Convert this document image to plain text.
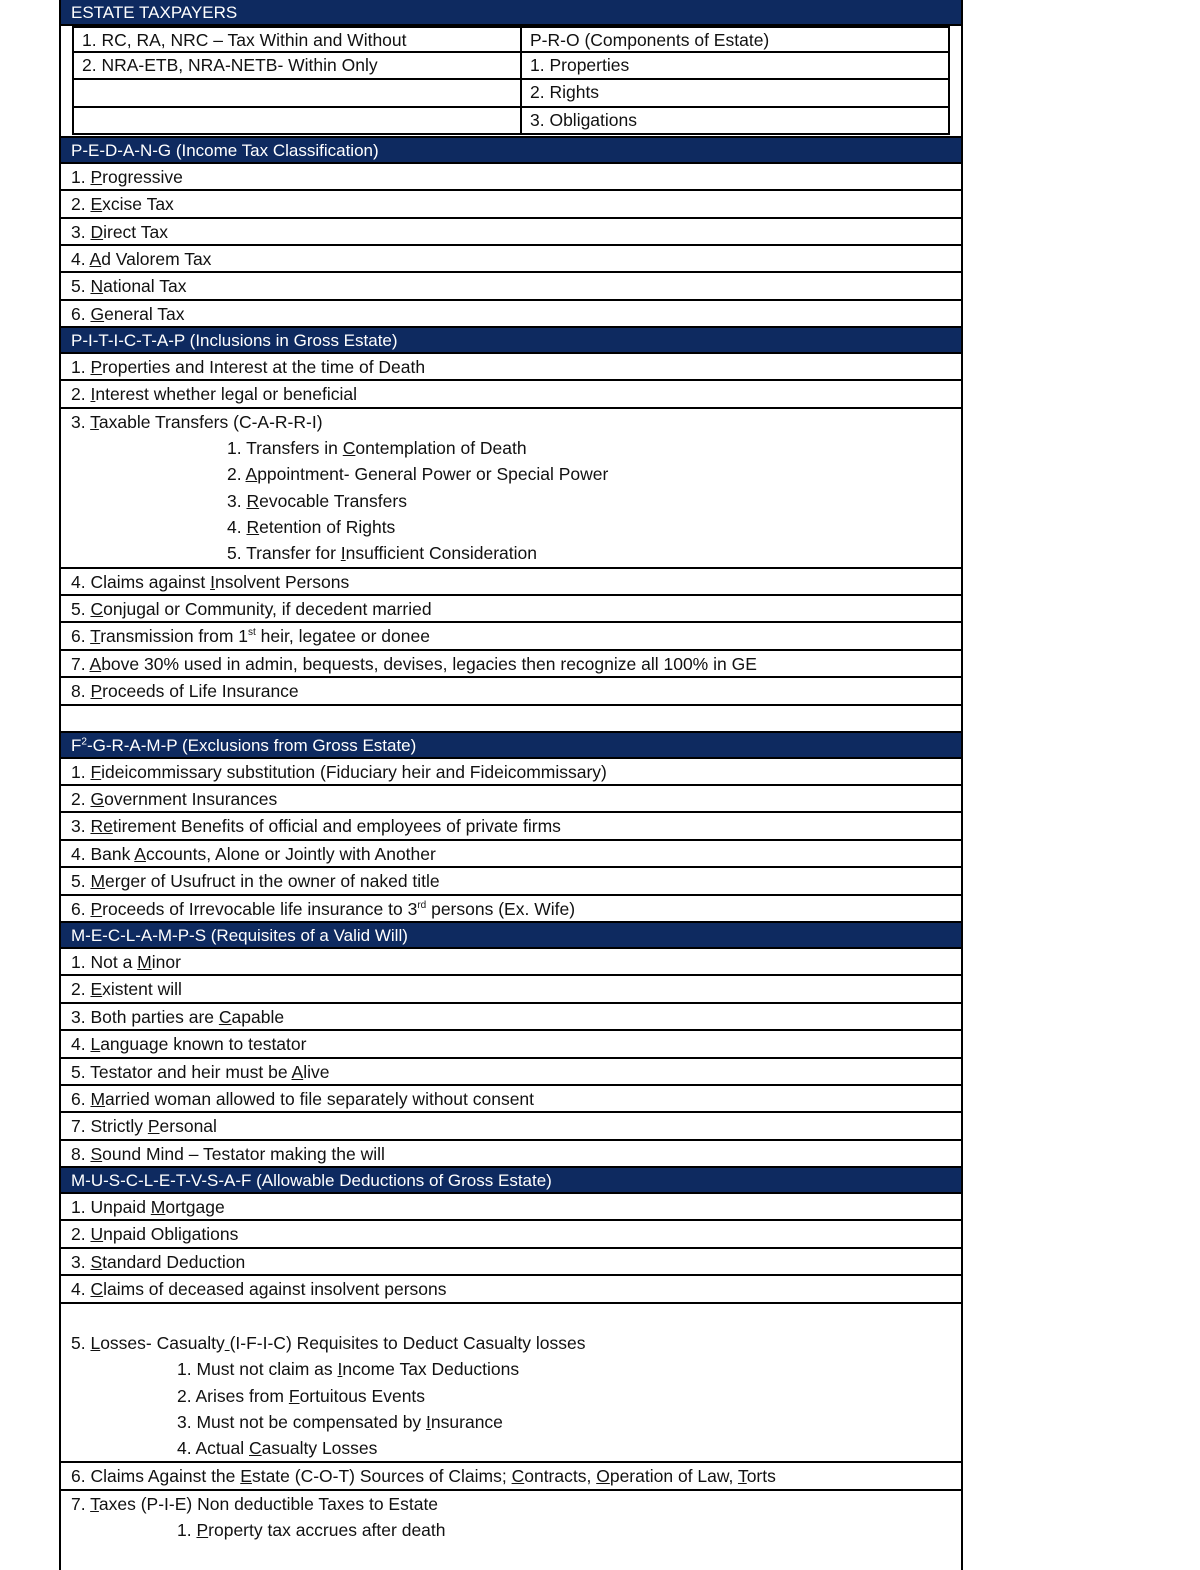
ESTATE TAXPAYERS
1. RC, RA, NRC – Tax Within and Without	P-R-O (Components of Estate)
2. NRA-ETB, NRA-NETB- Within Only	1. Properties
2. Rights
3. Obligations
P-E-D-A-N-G (Income Tax Classification)
1. Progressive
2. Excise Tax
3. Direct Tax
4. Ad Valorem Tax
5. National Tax
6. General Tax
P-I-T-I-C-T-A-P (Inclusions in Gross Estate)
1. Properties and Interest at the time of Death
2. Interest whether legal or beneficial
3. Taxable Transfers (C-A-R-R-I)
1. Transfers in Contemplation of Death
2. Appointment- General Power or Special Power
3. Revocable Transfers
4. Retention of Rights
5. Transfer for Insufficient Consideration
4. Claims against Insolvent Persons
5. Conjugal or Community, if decedent married
6. Transmission from 1st heir, legatee or donee
7. Above 30% used in admin, bequests, devises, legacies then recognize all 100% in GE
8. Proceeds of Life Insurance
$F^2-G-R-A-M-P$ (Exclusions from Gross Estate)
1. Fideicommissary substitution (Fiduciary heir and Fideicommissary)
2. Government Insurances
3. Retirement Benefits of official and employees of private firms
4. Bank Accounts, Alone or Jointly with Another
5. Merger of Usufruct in the owner of naked title
6. Proceeds of Irrevocable life insurance to 3rd persons (Ex. Wife)
M-E-C-L-A-M-P-S (Requisites of a Valid Will)
1. Not a Minor
2. Existent will
3. Both parties are Capable
4. Language known to testator
5. Testator and heir must be Alive
6. Married woman allowed to file separately without consent
7. Strictly Personal
8. Sound Mind – Testator making the will
M-U-S-C-L-E-T-V-S-A-F (Allowable Deductions of Gross Estate)
1. Unpaid Mortgage
2. Unpaid Obligations
3. Standard Deduction
4. Claims of deceased against insolvent persons
5. Losses- Casualty (I-F-I-C) Requisites to Deduct Casualty losses
1. Must not claim as Income Tax Deductions
2. Arises from Fortuitous Events
3. Must not be compensated by Insurance
4. Actual Casualty Losses
6. Claims Against the Estate (C-O-T) Sources of Claims; Contracts, Operation of Law, Torts
7. Taxes (P-I-E) Non deductible Taxes to Estate
1. Property tax accrues after death
